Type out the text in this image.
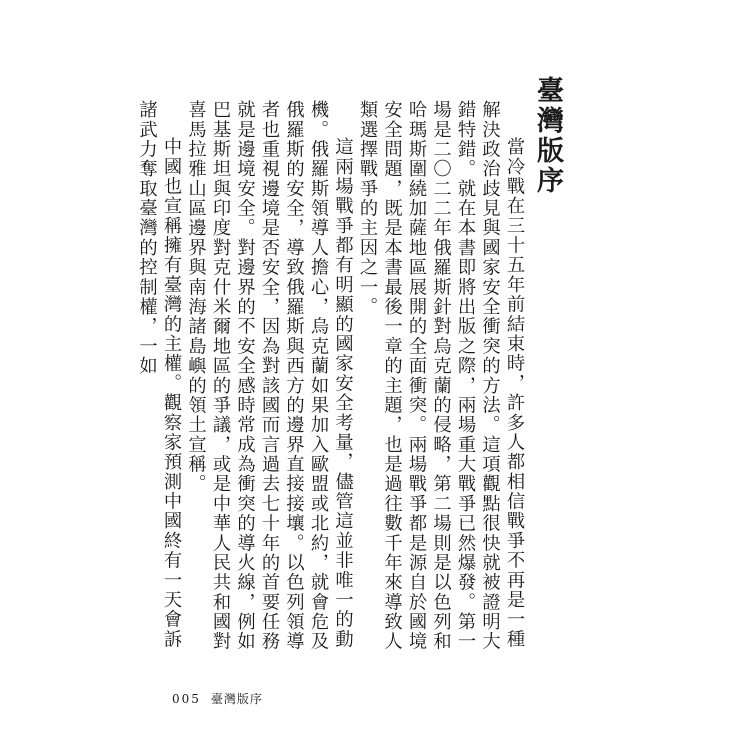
臺灣版序

當冷戰在三十五年前結束時，許多人都相信戰爭不再是一種解決政治歧見與國家安全衝突的方法。這項觀點很快就被證明大錯特錯。就在本書即將出版之際，兩場重大戰爭已然爆發。第一場是二〇二二年俄羅斯針對烏克蘭的侵略，第二場則是以色列和哈瑪斯圍繞加薩地區展開的全面衝突。兩場戰爭都是源自於國境安全問題，既是本書最後一章的主題，也是過往數千年來導致人類選擇戰爭的主因之一。

這兩場戰爭都有明顯的國家安全考量，儘管這並非唯一的動機。俄羅斯領導人擔心，烏克蘭如果加入歐盟或北約，就會危及俄羅斯的安全，導致俄羅斯與西方的邊界直接接壤。以色列領導者也重視邊境是否安全，因為對該國而言過去七十年的首要任務就是邊境安全。對邊界的不安全感時常成為衝突的導火線，例如巴基斯坦與印度對克什米爾地區的爭議，或是中華人民共和國對喜馬拉雅山區邊界與南海諸島嶼的領土宣稱。

中國也宣稱擁有臺灣的主權。觀察家預測中國終有一天會訴諸武力奪取臺灣的控制權，一如

005 臺灣版序
